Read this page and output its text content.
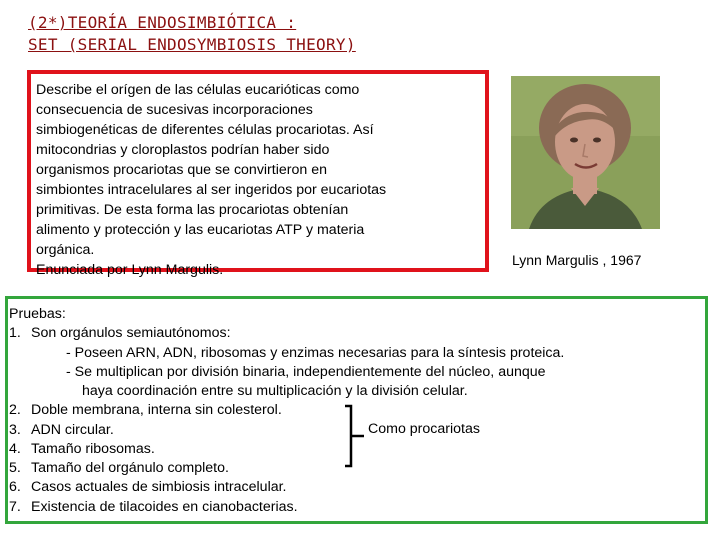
(2*)TEORÍA ENDOSIMBIÓTICA :
SET (SERIAL ENDOSYMBIOSIS THEORY)

Describe el orígen de las células eucarióticas como

consecuencia de sucesivas incorporaciones

simbiogenéticas de diferentes células procariotas. Así

mitocondrias y cloroplastos podrían haber sido

organismos procariotas que se convirtieron en

simbiontes intracelulares al ser ingeridos por eucariotas

primitivas. De esta forma las procariotas obtenían

alimento y protección y las eucariotas ATP y materia

orgánica.

Enunciada por Lynn Margulis.

Lynn Margulis , 1967
Pruebas:
1. Son orgánulos semiautónomos:
- Poseen ARN, ADN, ribosomas y enzimas necesarias para la síntesis proteica.
- Se multiplican por división binaria, independientemente del núcleo, aunque
haya coordinación entre su multiplicación y la división celular.
2. Doble membrana, interna sin colesterol.
3. ADN circular.
4. Tamaño ribosomas.
5. Tamaño del orgánulo completo.
6. Casos actuales de simbiosis intracelular.
7. Existencia de tilacoides en cianobacterias.
Como procariotas
